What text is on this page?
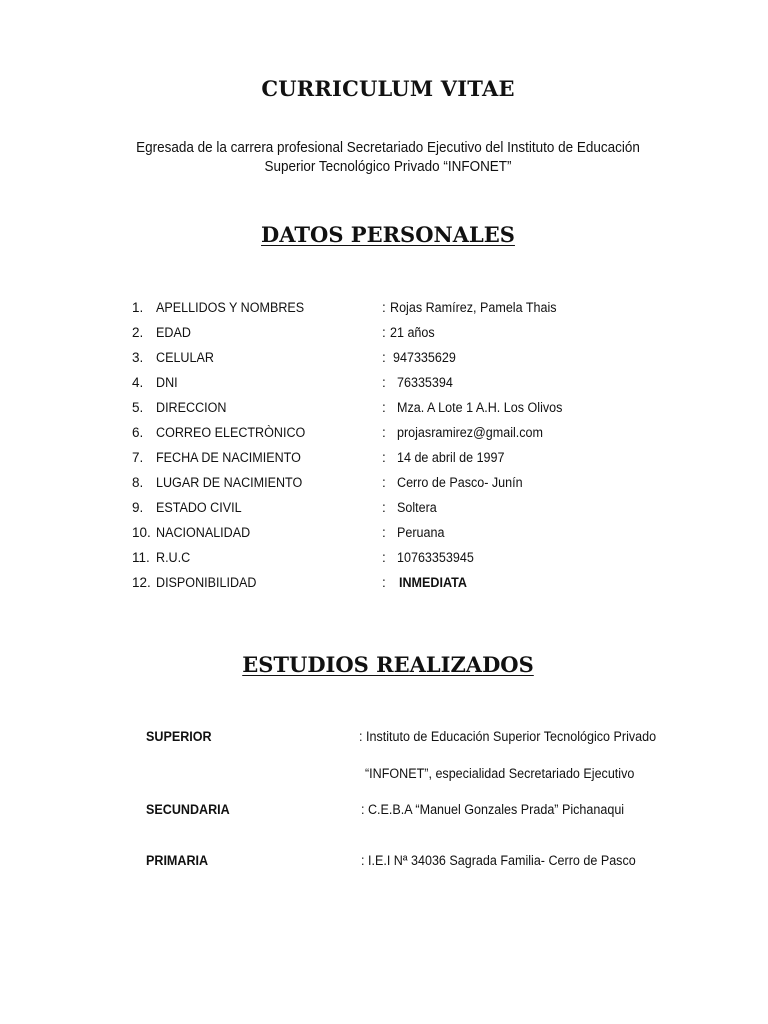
CURRICULUM VITAE
Egresada de la carrera profesional Secretariado Ejecutivo del Instituto de Educación Superior Tecnológico Privado “INFONET”
DATOS PERSONALES
1. APELLIDOS Y NOMBRES	: Rojas Ramírez, Pamela Thais
2. EDAD	: 21 años
3. CELULAR	: 947335629
4. DNI	: 76335394
5. DIRECCION	: Mza. A Lote 1 A.H. Los Olivos
6. CORREO ELECTRÒNICO	: projasramirez@gmail.com
7. FECHA DE NACIMIENTO	: 14 de abril de 1997
8. LUGAR DE NACIMIENTO	: Cerro de Pasco- Junín
9. ESTADO CIVIL	: Soltera
10. NACIONALIDAD	: Peruana
11. R.U.C	: 10763353945
12. DISPONIBILIDAD	: INMEDIATA
ESTUDIOS REALIZADOS
SUPERIOR	: Instituto de Educación Superior Tecnológico Privado
“INFONET”, especialidad Secretariado Ejecutivo
SECUNDARIA	: C.E.B.A “Manuel Gonzales Prada” Pichanaqui
PRIMARIA	: I.E.I Nª 34036 Sagrada Familia- Cerro de Pasco
